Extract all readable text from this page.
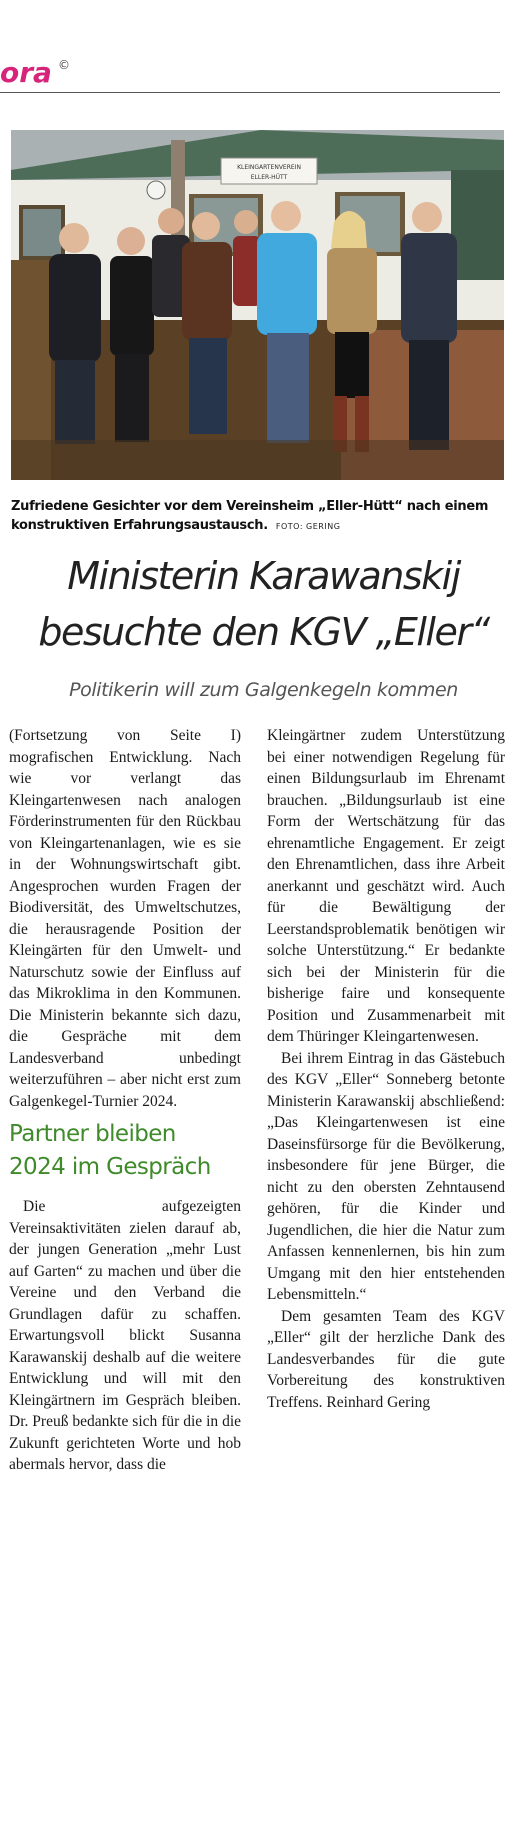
ora ©
KLEINGARTENVEREIN
ELLER-HÜTT
Zufriedene Gesichter vor dem Vereinsheim „Eller-Hütt“ nach einem konstruktiven Erfahrungsaustausch. FOTO: GERING
Ministerin Karawanskij
besuchte den KGV „Eller“
Politikerin will zum Galgenkegeln kommen

(Fortsetzung von Seite I) mografischen Entwicklung. Nach wie vor verlangt das Kleingartenwesen nach analogen Förderinstrumenten für den Rückbau von Kleingartenanlagen, wie es sie in der Wohnungswirtschaft gibt. Angesprochen wurden Fragen der Biodiversität, des Umweltschutzes, die herausragende Position der Kleingärten für den Umwelt- und Naturschutz sowie der Einfluss auf das Mikroklima in den Kommunen. Die Ministerin bekannte sich dazu, die Gespräche mit dem Landesverband unbedingt weiterzuführen – aber nicht erst zum Galgenkegel-Turnier 2024.

Partner bleiben
2024 im Gespräch

Die aufgezeigten Vereinsaktivitäten zielen darauf ab, der jungen Generation „mehr Lust auf Garten“ zu machen und über die Vereine und den Verband die Grundlagen dafür zu schaffen. Erwartungsvoll blickt Susanna Karawanskij deshalb auf die weitere Entwicklung und will mit den Kleingärtnern im Gespräch bleiben. Dr. Preuß bedankte sich für die in die Zukunft gerichteten Worte und hob abermals hervor, dass die

Kleingärtner zudem Unterstützung bei einer notwendigen Regelung für einen Bildungsurlaub im Ehrenamt brauchen. „Bildungsurlaub ist eine Form der Wertschätzung für das ehrenamtliche Engagement. Er zeigt den Ehrenamtlichen, dass ihre Arbeit anerkannt und geschätzt wird. Auch für die Bewältigung der Leerstandsproblematik benötigen wir solche Unterstützung.“ Er bedankte sich bei der Ministerin für die bisherige faire und konsequente Position und Zusammenarbeit mit dem Thüringer Kleingartenwesen.

Bei ihrem Eintrag in das Gästebuch des KGV „Eller“ Sonneberg betonte Ministerin Karawanskij abschließend: „Das Kleingartenwesen ist eine Daseinsfürsorge für die Bevölkerung, insbesondere für jene Bürger, die nicht zu den obersten Zehntausend gehören, für die Kinder und Jugendlichen, die hier die Natur zum Anfassen kennenlernen, bis hin zum Umgang mit den hier entstehenden Lebensmitteln.“

Dem gesamten Team des KGV „Eller“ gilt der herzliche Dank des Landesverbandes für die gute Vorbereitung des konstruktiven Treffens. Reinhard Gering
